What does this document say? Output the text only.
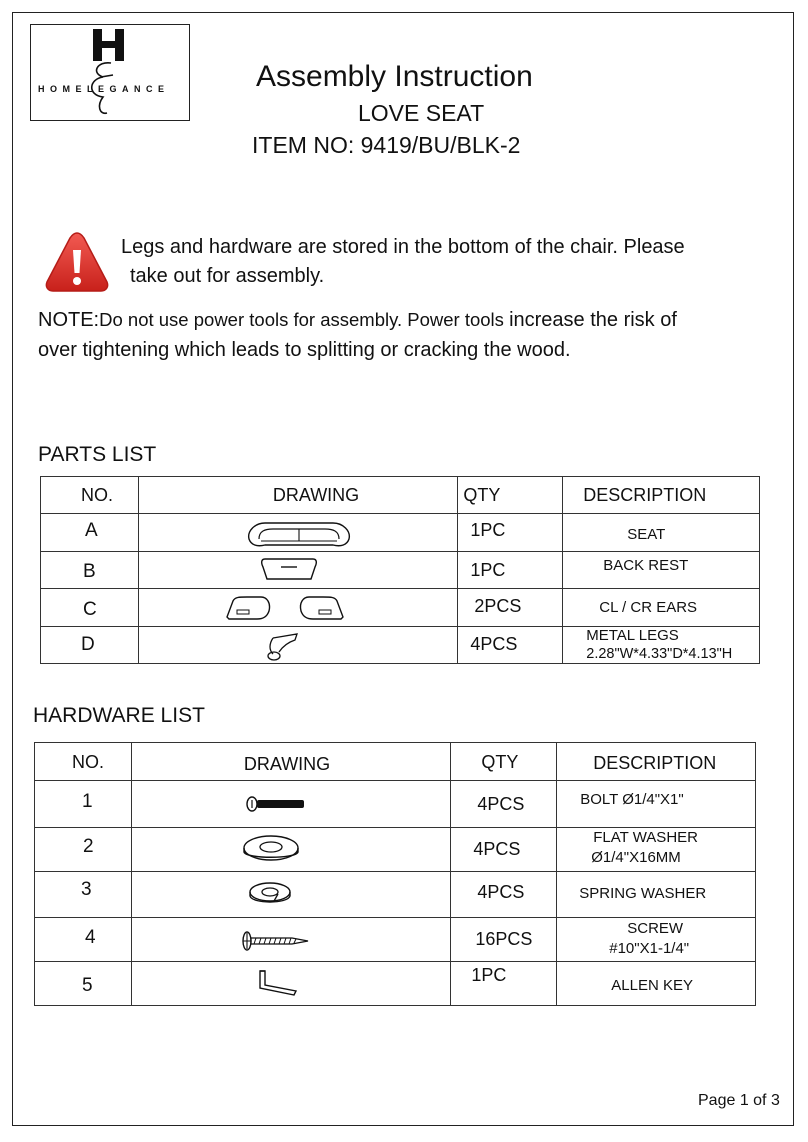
HOMELEGANCE	Assembly Instruction
LOVE SEAT
ITEM NO: 9419/BU/BLK-2
Legs and hardware are stored in the bottom of the chair. Please
take out for assembly.
NOTE:Do not use power tools for assembly. Power tools increase the risk of
over tightening which leads to splitting or cracking the wood.
PARTS LIST
NO.	DRAWING	QTY	DESCRIPTION

A		1PC	SEAT

B		1PC	BACK REST

C		2PCS	CL / CR EARS

D		4PCS	METAL LEGS
2.28"W*4.33"D*4.13"H
HARDWARE LIST
NO.	DRAWING	QTY	DESCRIPTION

1		4PCS	BOLT Ø1/4"X1"

2		4PCS	FLAT WASHER
Ø1/4"X16MM

3		4PCS	SPRING WASHER

4		16PCS	SCREW
#10"X1-1/4"

5		1PC	ALLEN KEY
Page 1 of 3
